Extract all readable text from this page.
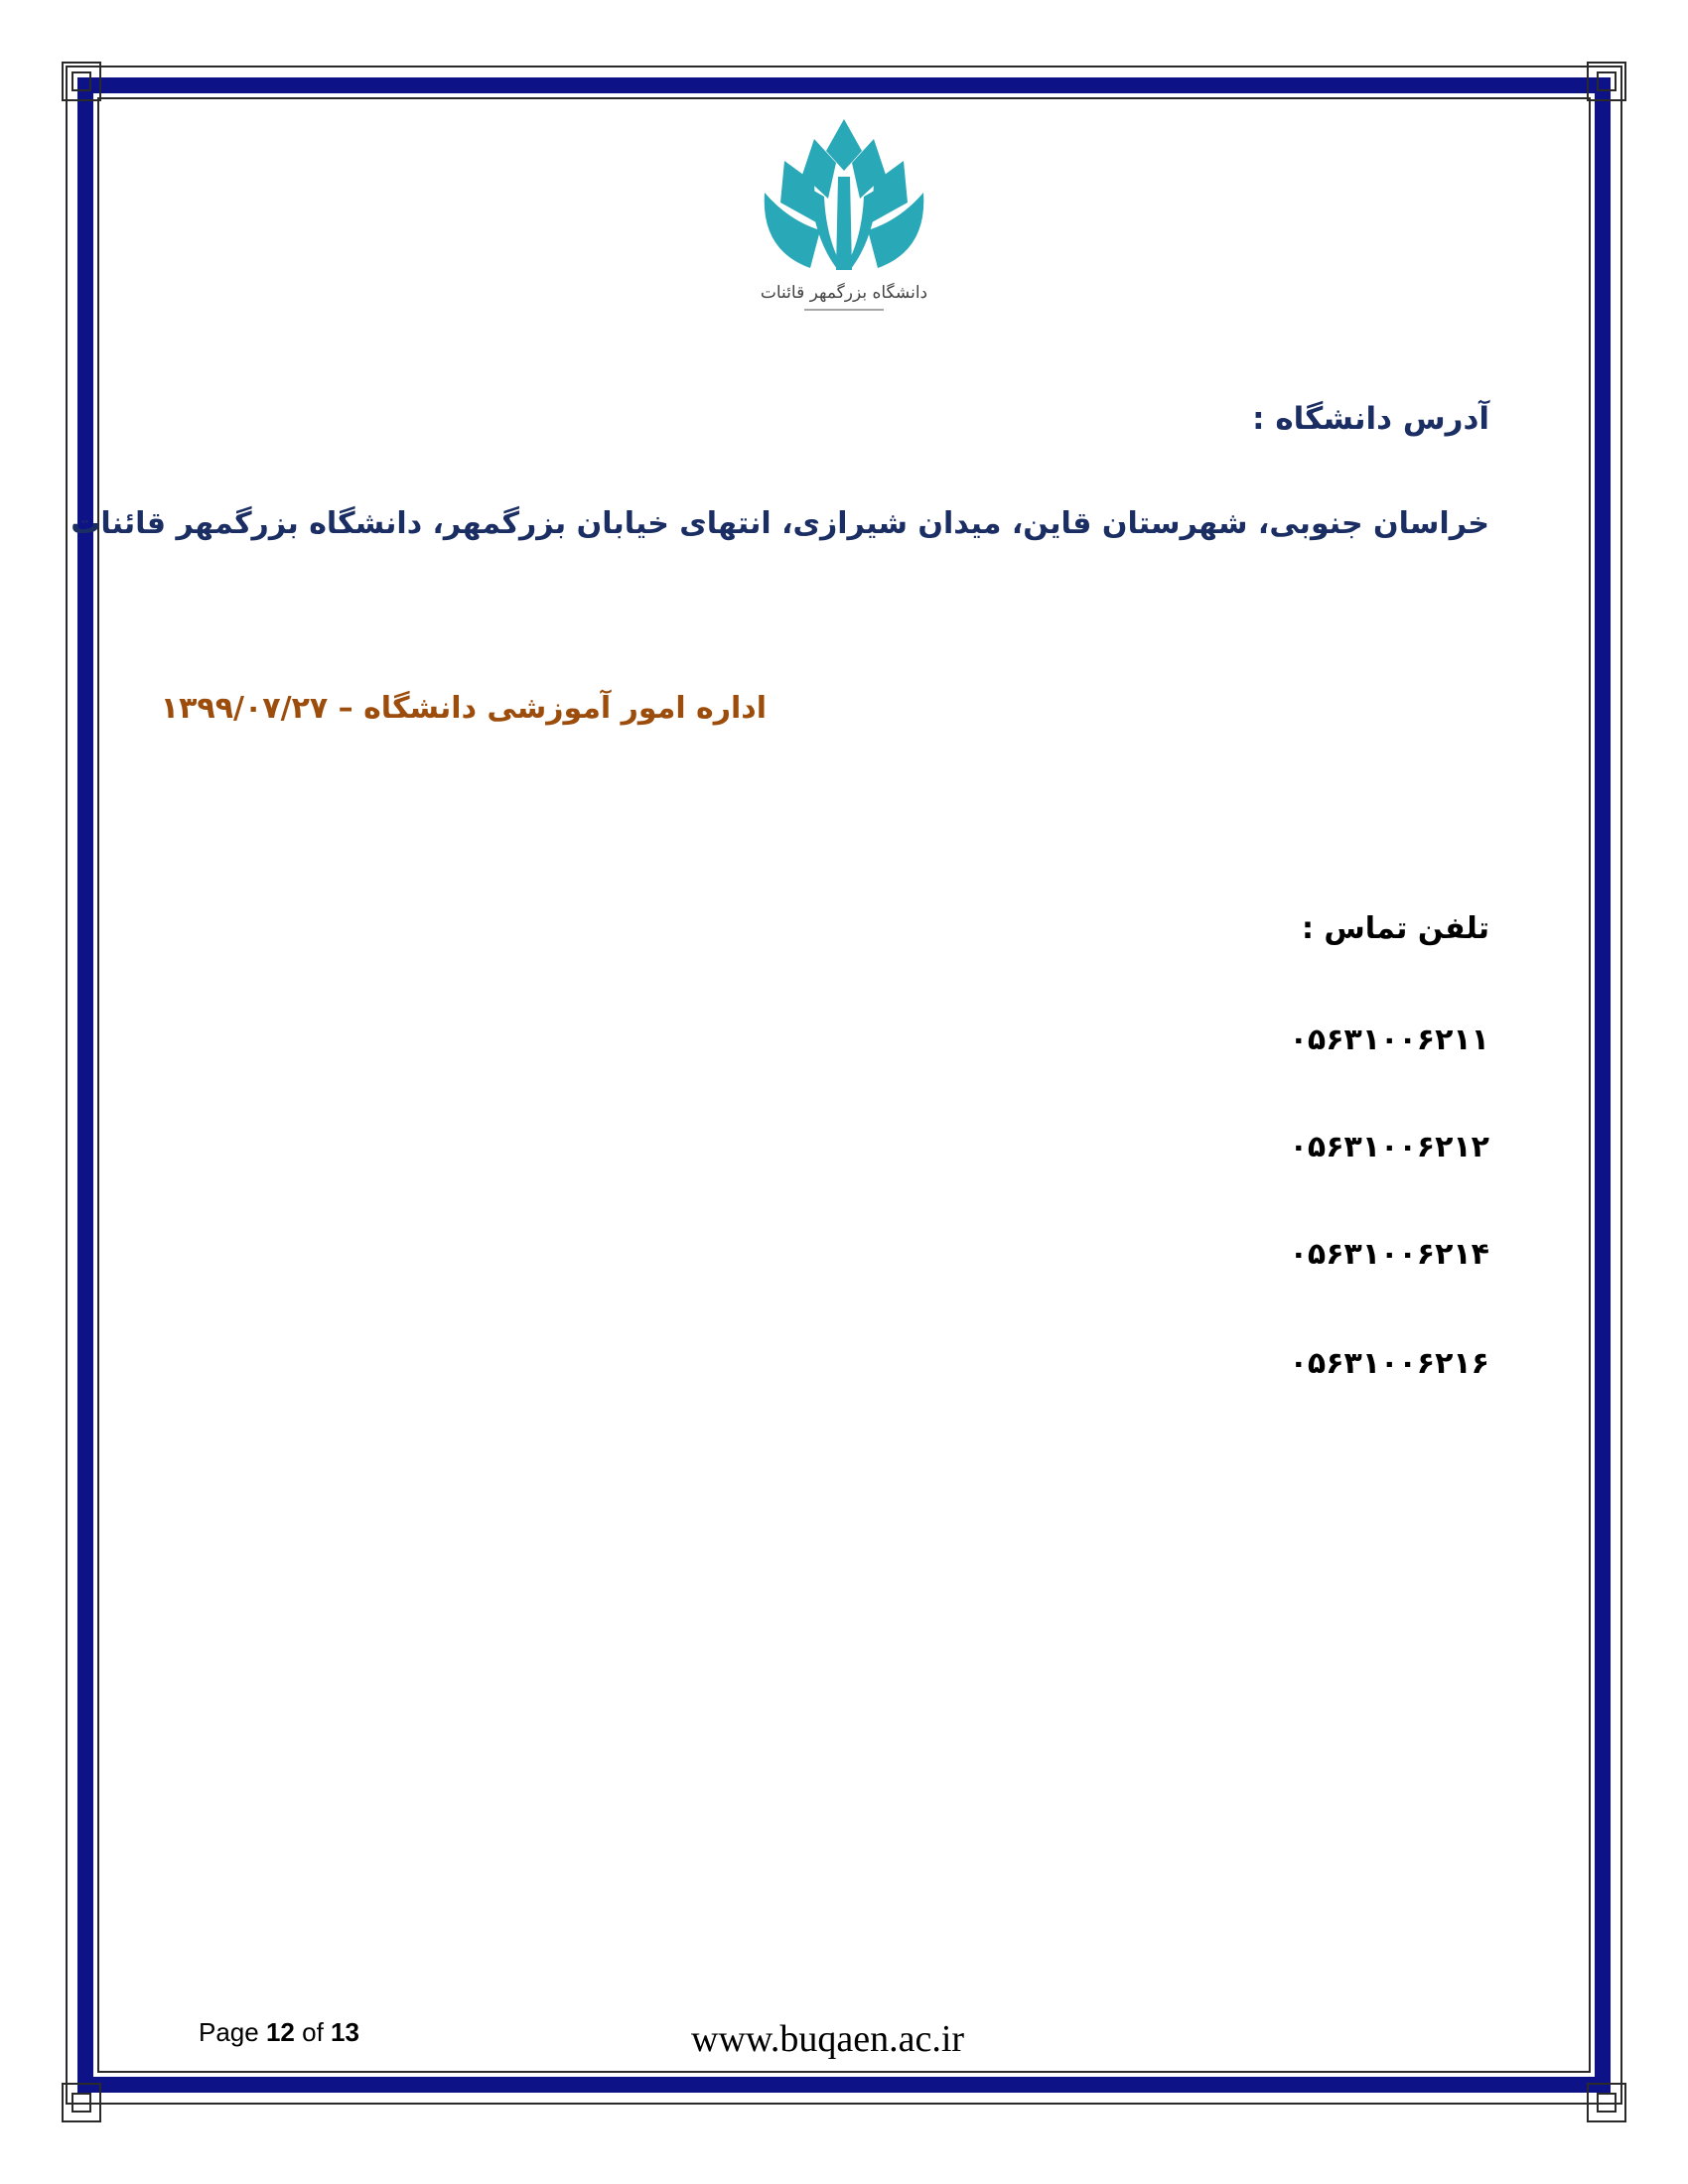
دانشگاه بزرگمهر قائنات
آدرس دانشگاه :
خراسان جنوبی، شهرستان قاین، میدان شیرازی، انتهای خیابان بزرگمهر، دانشگاه بزرگمهر قائنات
اداره امور آموزشی دانشگاه – ۱۳۹۹/۰۷/۲۷
تلفن تماس :
۰۵۶۳۱۰۰۶۲۱۱
۰۵۶۳۱۰۰۶۲۱۲
۰۵۶۳۱۰۰۶۲۱۴
۰۵۶۳۱۰۰۶۲۱۶
Page 12 of 13	www.buqaen.ac.ir
